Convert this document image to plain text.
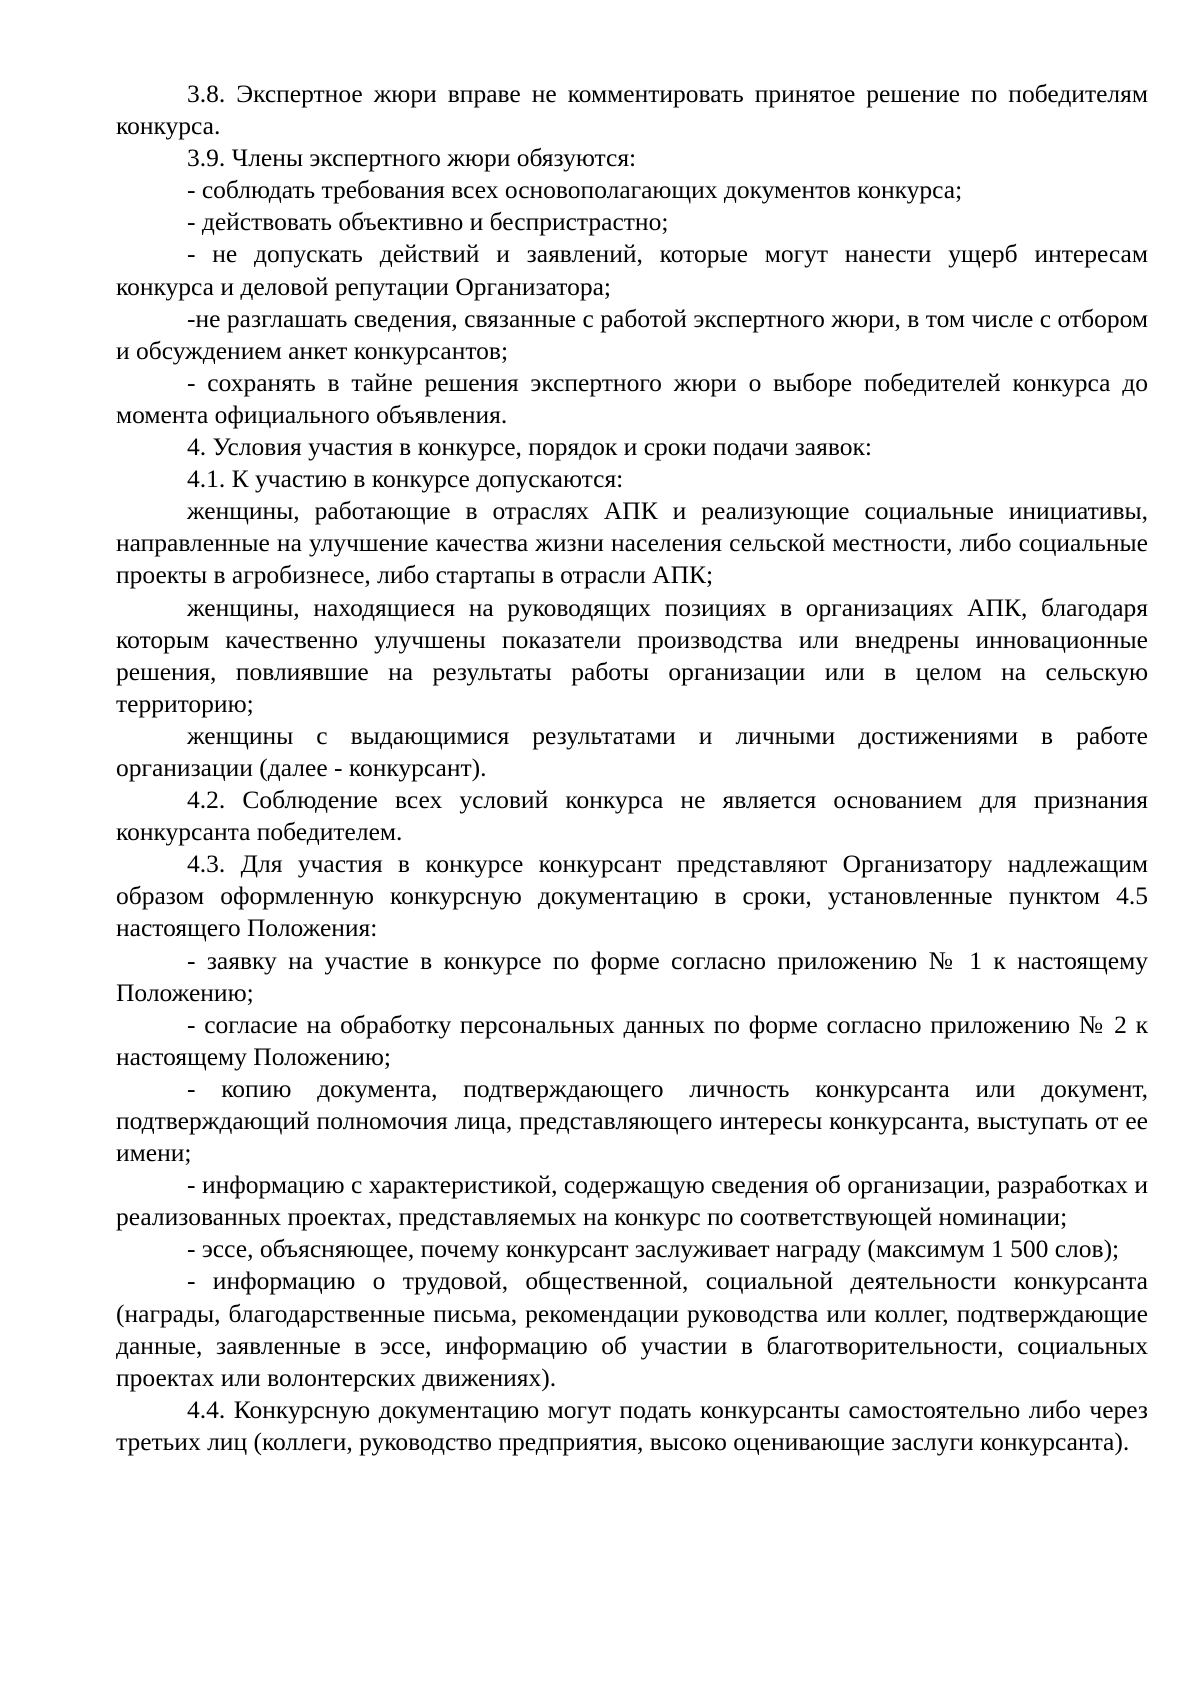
3.8. Экспертное жюри вправе не комментировать принятое решение по победителям конкурса.

3.9. Члены экспертного жюри обязуются:

- соблюдать требования всех основополагающих документов конкурса;

- действовать объективно и беспристрастно;

- не допускать действий и заявлений, которые могут нанести ущерб интересам конкурса и деловой репутации Организатора;

-не разглашать сведения, связанные с работой экспертного жюри, в том числе с отбором и обсуждением анкет конкурсантов;

- сохранять в тайне решения экспертного жюри о выборе победителей конкурса до момента официального объявления.

4. Условия участия в конкурсе, порядок и сроки подачи заявок:

4.1. К участию в конкурсе допускаются:

женщины, работающие в отраслях АПК и реализующие социальные инициативы, направленные на улучшение качества жизни населения сельской местности, либо социальные проекты в агробизнесе, либо стартапы в отрасли АПК;

женщины, находящиеся на руководящих позициях в организациях АПК, благодаря которым качественно улучшены показатели производства или внедрены инновационные решения, повлиявшие на результаты работы организации или в целом на сельскую территорию;

женщины с выдающимися результатами и личными достижениями в работе организации (далее - конкурсант).

4.2. Соблюдение всех условий конкурса не является основанием для признания конкурсанта победителем.

4.3. Для участия в конкурсе конкурсант представляют Организатору надлежащим образом оформленную конкурсную документацию в сроки, установленные пунктом 4.5 настоящего Положения:

- заявку на участие в конкурсе по форме согласно приложению № 1 к настоящему Положению;

- согласие на обработку персональных данных по форме согласно приложению № 2 к настоящему Положению;

- копию документа, подтверждающего личность конкурсанта или документ, подтверждающий полномочия лица, представляющего интересы конкурсанта, выступать от ее имени;

- информацию с характеристикой, содержащую сведения об организации, разработках и реализованных проектах, представляемых на конкурс по соответствующей номинации;

- эссе, объясняющее, почему конкурсант заслуживает награду (максимум 1 500 слов);

- информацию о трудовой, общественной, социальной деятельности конкурсанта (награды, благодарственные письма, рекомендации руководства или коллег, подтверждающие данные, заявленные в эссе, информацию об участии в благотворительности, социальных проектах или волонтерских движениях).

4.4. Конкурсную документацию могут подать конкурсанты самостоятельно либо через третьих лиц (коллеги, руководство предприятия, высоко оценивающие заслуги конкурсанта).
